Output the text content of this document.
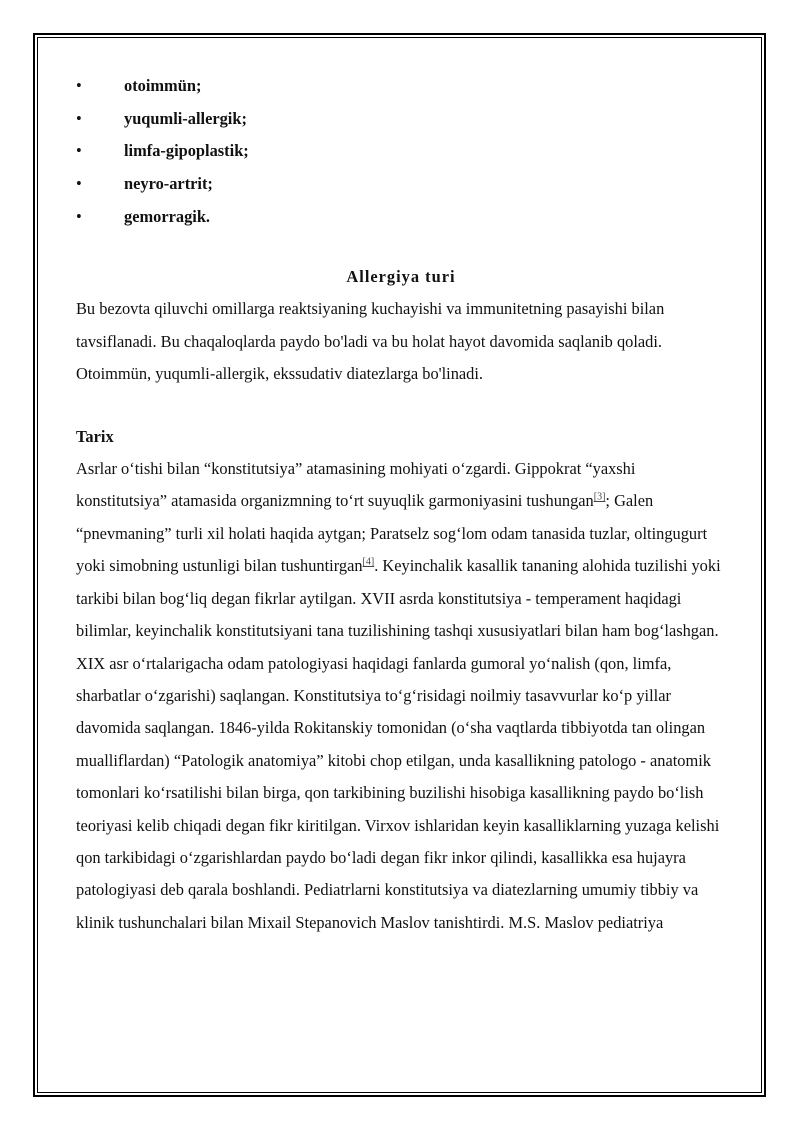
•	otoimmün;
•	yuqumli-allergik;
•	limfa-gipoplastik;
•	neyro-artrit;
•	gemorragik.
Allergiya turi

Bu bezovta qiluvchi omillarga reaktsiyaning kuchayishi va immunitetning pasayishi bilan tavsiflanadi. Bu chaqaloqlarda paydo bo'ladi va bu holat hayot davomida saqlanib qoladi. Otoimmün, yuqumli-allergik, ekssudativ diatezlarga bo'linadi.

Tarix

Asrlar o‘tishi bilan “konstitutsiya” atamasining mohiyati o‘zgardi. Gippokrat “yaxshi konstitutsiya” atamasida organizmning to‘rt suyuqlik garmoniyasini tushungan[3]; Galen “pnevmaning” turli xil holati haqida aytgan; Paratselz sog‘lom odam tanasida tuzlar, oltingugurt yoki simobning ustunligi bilan tushuntirgan[4]. Keyinchalik kasallik tananing alohida tuzilishi yoki tarkibi bilan bog‘liq degan fikrlar aytilgan. XVII asrda konstitutsiya - temperament haqidagi bilimlar, keyinchalik konstitutsiyani tana tuzilishining tashqi xususiyatlari bilan ham bog‘lashgan. XIX asr o‘rtalarigacha odam patologiyasi haqidagi fanlarda gumoral yo‘nalish (qon, limfa, sharbatlar o‘zgarishi) saqlangan. Konstitutsiya to‘g‘risidagi noilmiy tasavvurlar ko‘p yillar davomida saqlangan. 1846-yilda Rokitanskiy tomonidan (o‘sha vaqtlarda tibbiyotda tan olingan mualliflardan) “Patologik anatomiya” kitobi chop etilgan, unda kasallikning patologo - anatomik tomonlari ko‘rsatilishi bilan birga, qon tarkibining buzilishi hisobiga kasallikning paydo bo‘lish teoriyasi kelib chiqadi degan fikr kiritilgan. Virxov ishlaridan keyin kasalliklarning yuzaga kelishi qon tarkibidagi o‘zgarishlardan paydo bo‘ladi degan fikr inkor qilindi, kasallikka esa hujayra patologiyasi deb qarala boshlandi. Pediatrlarni konstitutsiya va diatezlarning umumiy tibbiy va klinik tushunchalari bilan Mixail Stepanovich Maslov tanishtirdi. M.S. Maslov pediatriya
